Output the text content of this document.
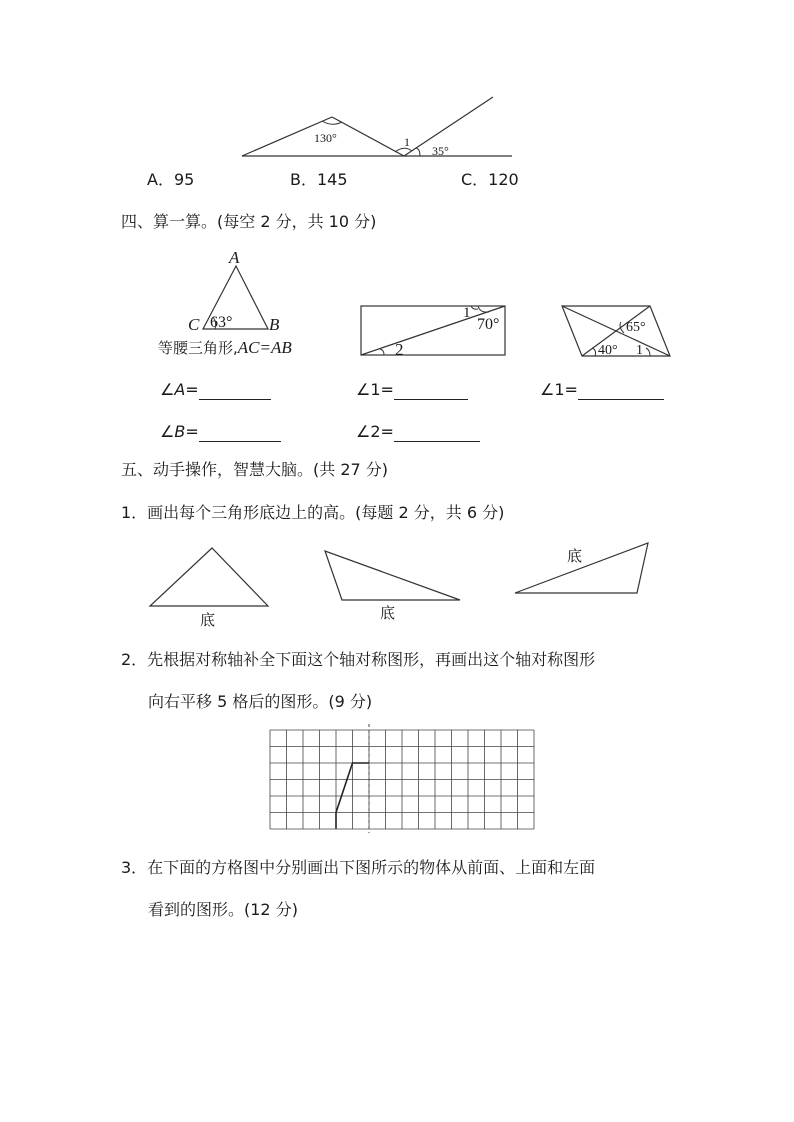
130°	1
35°
A．95	B．145	C．120
四、算一算。(每空 2 分，共 10 分)
A
C 63° B
等腰三角形,AC=AB
1
70°
2
65°
40° 1
∠A=	∠1=	∠1=
∠B=	∠2=
五、动手操作，智慧大脑。(共 27 分)
1．画出每个三角形底边上的高。(每题 2 分，共 6 分)
底	底
底
2．先根据对称轴补全下面这个轴对称图形，再画出这个轴对称图形
向右平移 5 格后的图形。(9 分)
3．在下面的方格图中分别画出下图所示的物体从前面、上面和左面
看到的图形。(12 分)
